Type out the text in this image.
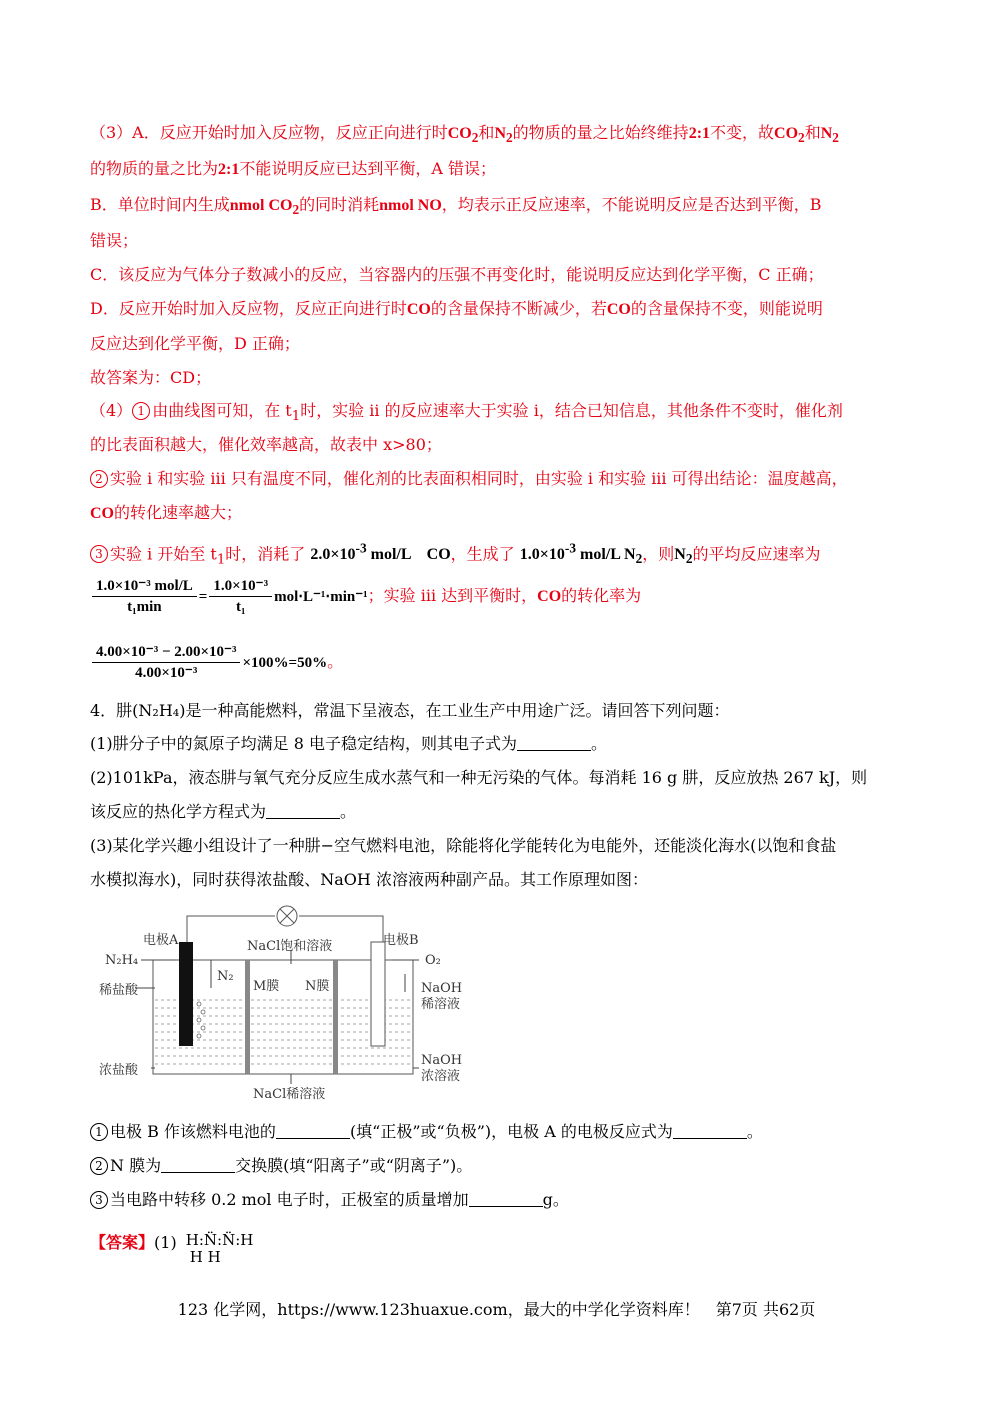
（3）A．反应开始时加入反应物，反应正向进行时$CO_2$和$N_2$的物质的量之比始终维持2:1不变，故$CO_2$和$N_2$
的物质的量之比为2:1不能说明反应已达到平衡，A 错误；
B．单位时间内生成nmol $CO_2$的同时消耗nmol NO，均表示正反应速率，不能说明反应是否达到平衡，B
错误；
C．该反应为气体分子数减小的反应，当容器内的压强不再变化时，能说明反应达到化学平衡，C 正确；
D．反应开始时加入反应物，反应正向进行时CO的含量保持不断减少，若CO的含量保持不变，则能说明
反应达到化学平衡，D 正确；
故答案为：CD；
（4） 1 由曲线图可知，在 $t_1$时，实验 ii 的反应速率大于实验 i，结合已知信息，其他条件不变时，催化剂
的比表面积越大，催化效率越高，故表中 x>80；
2 实验 i 和实验 iii 只有温度不同，催化剂的比表面积相同时，由实验 i 和实验 iii 可得出结论：温度越高，
CO的转化速率越大；
3 实验 i 开始至 $t_1$时，消耗了 $2.0\times 10^{-3}$ mol/L　CO，生成了 $1.0\times 10^{-3}$ mol/L $N_2$，则$N_2$的平均反应速率为
$\frac{\text{1.0×10⁻³ mol/L}}{\text{t₁min}} = \frac{\text{1.0×10⁻³}}{\text{t₁}} mol\cdot L^{-1}\cdot\min^{-1}$；实验 iii 达到平衡时，CO的转化率为
$\frac{\text{4.00×10⁻³ − 2.00×10⁻³}}{\text{4.00×10⁻³}} \times 100\%=50\%$。
4．肼(N₂H₄)是一种高能燃料，常温下呈液态，在工业生产中用途广泛。请回答下列问题：
(1)肼分子中的氮原子均满足 8 电子稳定结构，则其电子式为	。
(2)101kPa，液态肼与氧气充分反应生成水蒸气和一种无污染的气体。每消耗 16 g 肼，反应放热 267 kJ，则
该反应的热化学方程式为	。
(3)某化学兴趣小组设计了一种肼−空气燃料电池，除能将化学能转化为电能外，还能淡化海水(以饱和食盐
水模拟海水)，同时获得浓盐酸、NaOH 浓溶液两种副产品。其工作原理如图：
电极A	电极B
N₂H₄	O₂
N₂
NaCl饱和溶液
M膜 N膜
稀盐酸
浓盐酸
NaOH
稀溶液
NaOH
浓溶液
NaCl稀溶液
1 电极 B 作该燃料电池的	(填“正极”或“负极”)，电极 A 的电极反应式为	。
2 N 膜为	交换膜(填“阳离子”或“阴离子”)。
3 当电路中转移 0.2 mol 电子时，正极室的质量增加	g。
【答案】(1) H:N̈:N̈:H
H H
123 化学网，https://www.123huaxue.com，最大的中学化学资料库！　第7页 共62页
